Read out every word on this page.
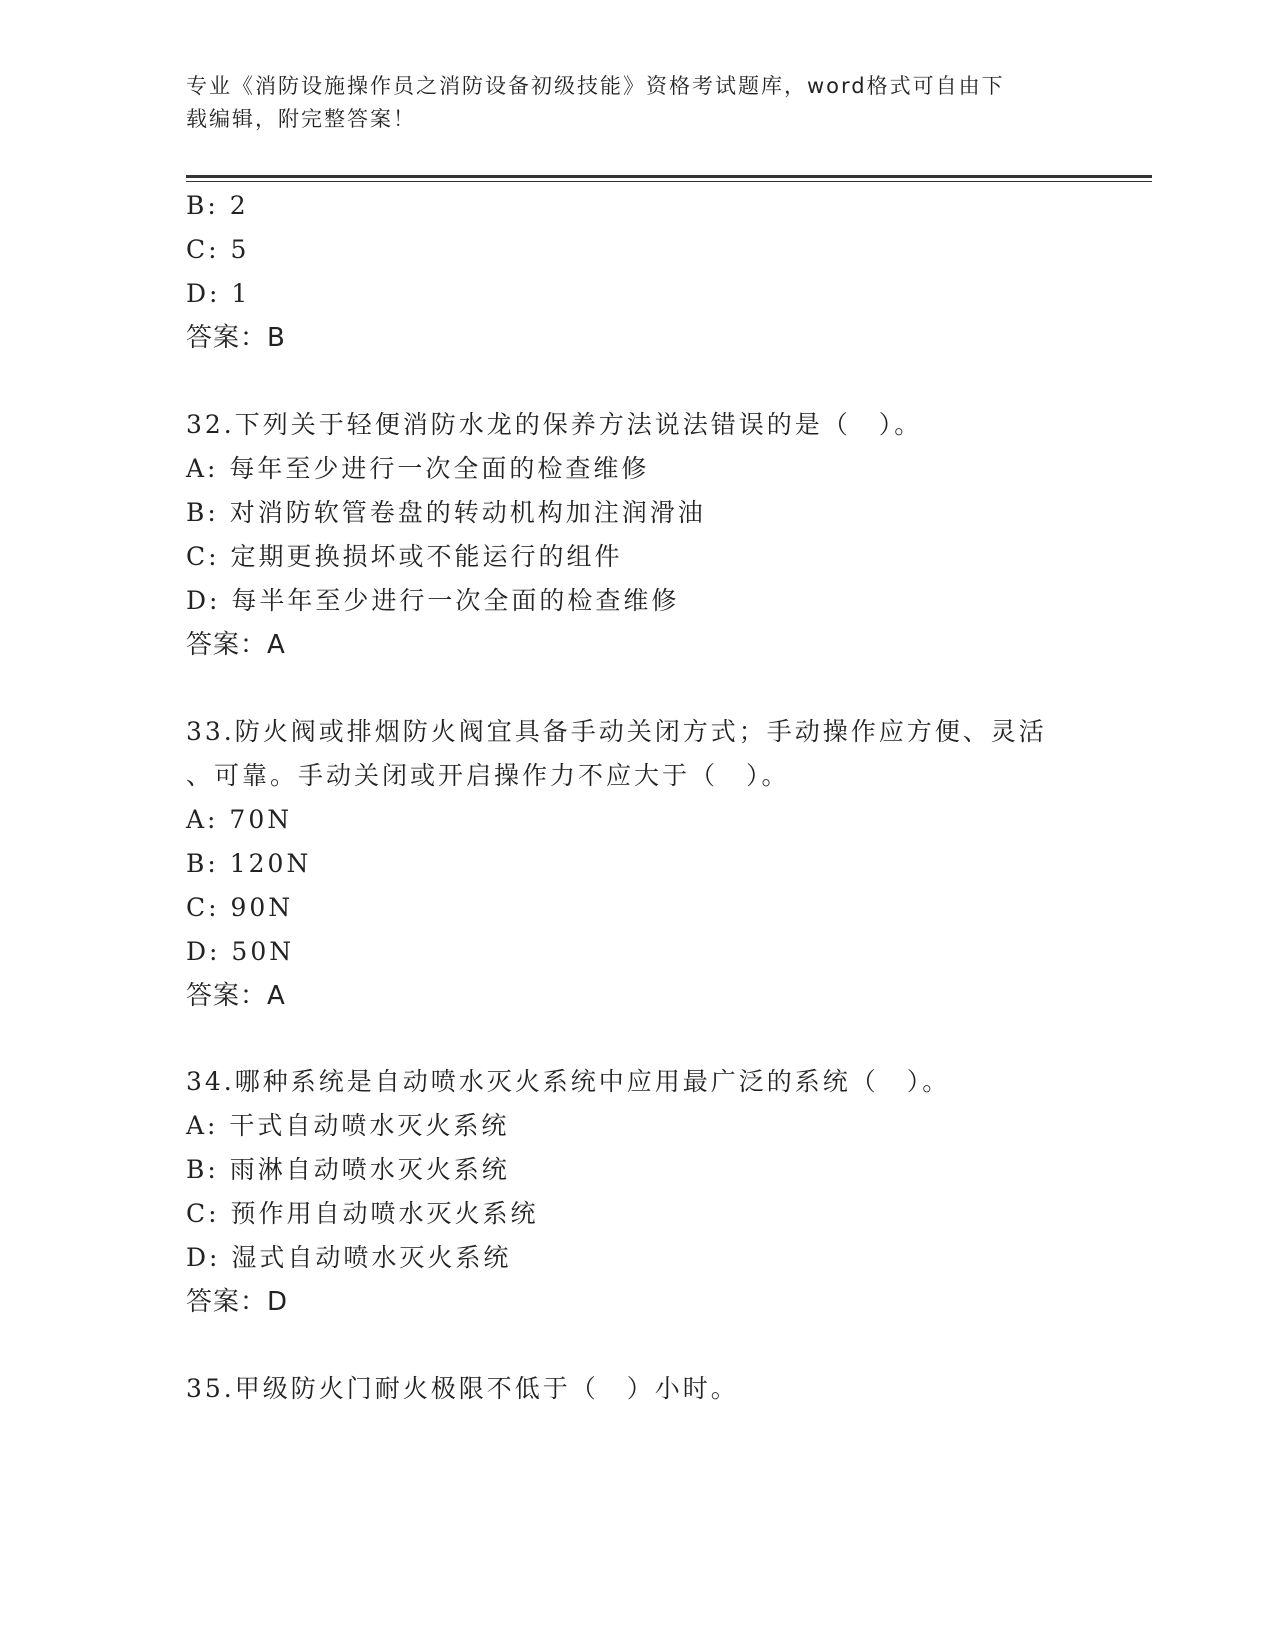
专业《消防设施操作员之消防设备初级技能》资格考试题库，word格式可自由下
载编辑，附完整答案！
B: 2
C: 5
D: 1
答案：B
32.下列关于轻便消防水龙的保养方法说法错误的是（　）。
A: 每年至少进行一次全面的检查维修
B: 对消防软管卷盘的转动机构加注润滑油
C: 定期更换损坏或不能运行的组件
D: 每半年至少进行一次全面的检查维修
答案：A
33.防火阀或排烟防火阀宜具备手动关闭方式；手动操作应方便、灵活
、可靠。手动关闭或开启操作力不应大于（　）。
A: 70N
B: 120N
C: 90N
D: 50N
答案：A
34.哪种系统是自动喷水灭火系统中应用最广泛的系统（　）。
A: 干式自动喷水灭火系统
B: 雨淋自动喷水灭火系统
C: 预作用自动喷水灭火系统
D: 湿式自动喷水灭火系统
答案：D
35.甲级防火门耐火极限不低于（　）小时。
